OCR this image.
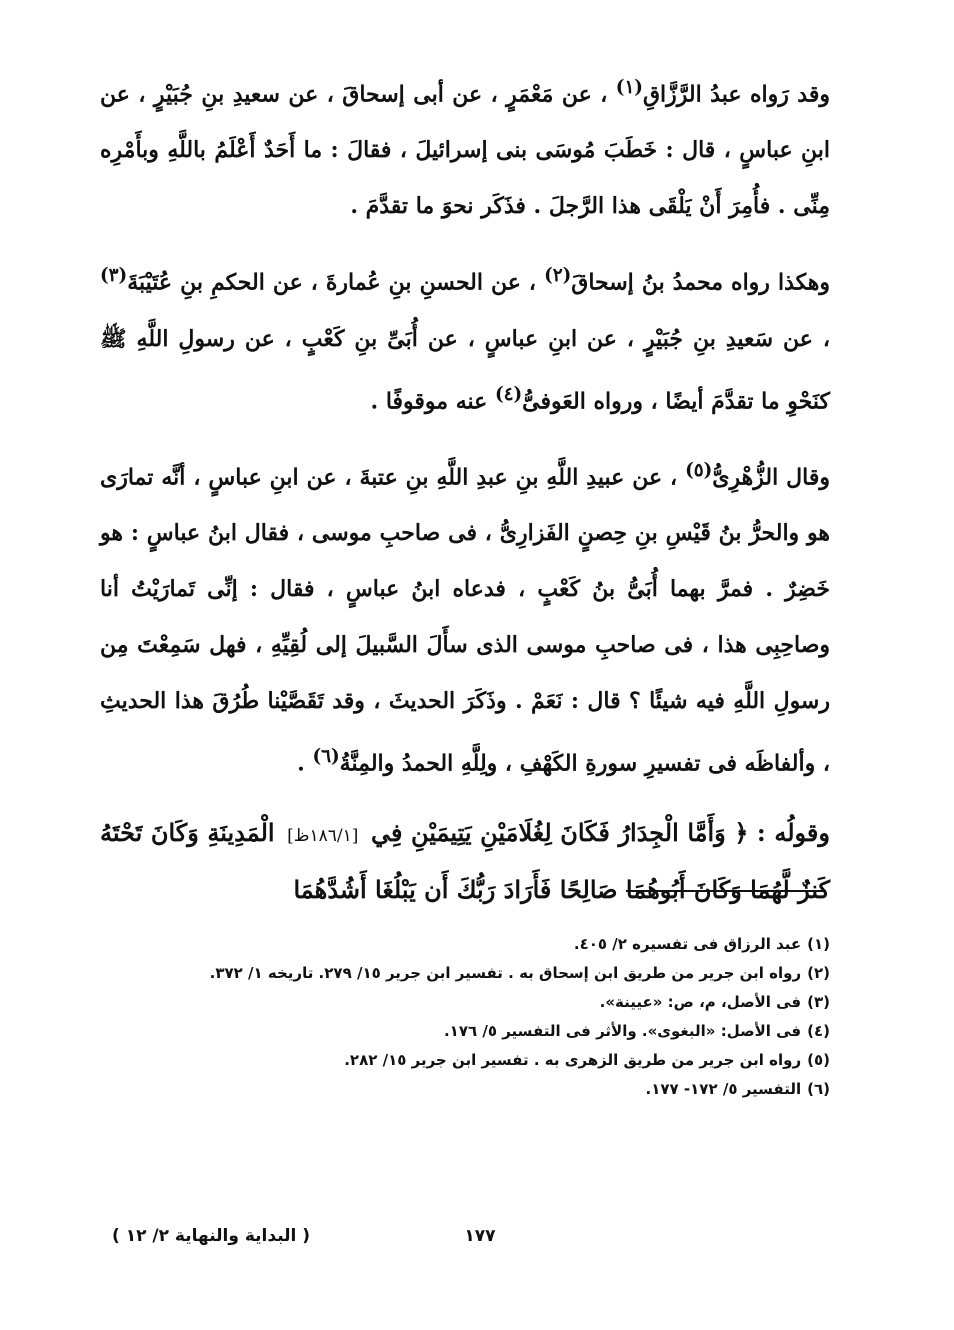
وقد رَواه عبدُ الرَّزَّاقِ$^{(١)}$ ، عن مَعْمَرٍ ، عن أبى إسحاقَ ، عن سعيدِ بنِ جُبَيْرٍ ، عن ابنِ عباسٍ ، قال : خَطَبَ مُوسَى بنى إسرائيلَ ، فقالَ : ما أَحَدٌ أَعْلَمُ باللَّهِ وبأَمْرِه مِنِّى . فأُمِرَ أَنْ يَلْقَى هذا الرَّجلَ . فذَكَر نحوَ ما تقدَّمَ .

وهكذا رواه محمدُ بنُ إسحاقَ$^{(٢)}$ ، عن الحسنِ بنِ عُمارةَ ، عن الحكمِ بنِ عُتَيْبَةَ$^{(٣)}$ ، عن سَعيدِ بنِ جُبَيْرٍ ، عن ابنِ عباسٍ ، عن أُبَىِّ بنِ كَعْبٍ ، عن رسولِ اللَّهِ ﷺ كنَحْوِ ما تقدَّمَ أيضًا ، ورواه العَوفىُّ$^{(٤)}$ عنه موقوفًا .

وقال الزُّهْرِىُّ$^{(٥)}$ ، عن عبيدِ اللَّهِ بنِ عبدِ اللَّهِ بنِ عتبةَ ، عن ابنِ عباسٍ ، أنَّه تمارَى هو والحرُّ بنُ قَيْسِ بنِ حِصنٍ الفَزارِىُّ ، فى صاحبِ موسى ، فقال ابنُ عباسٍ : هو خَضِرٌ . فمرَّ بهما أُبَىُّ بنُ كَعْبٍ ، فدعاه ابنُ عباسٍ ، فقال : إنِّى تَمارَيْتُ أنا وصاحِبِى هذا ، فى صاحبِ موسى الذى سأَلَ السَّبيلَ إلى لُقِيِّهِ ، فهل سَمِعْتَ مِن رسولِ اللَّهِ فيه شيئًا ؟ قال : نَعَمْ . وذَكَرَ الحديثَ ، وقد تَقَصَّيْنا طُرُقَ هذا الحديثِ ، وألفاظَه فى تفسيرِ سورةِ الكَهْفِ ، ولِلَّهِ الحمدُ والمِنَّةُ$^{(٦)}$ .

وقولُه : ﴿ وَأَمَّا الْجِدَارُ فَكَانَ لِغُلَامَيْنِ يَتِيمَيْنِ فِي [١٨٦/١ظ] الْمَدِينَةِ وَكَانَ تَحْتَهُ كَنزٌ لَّهُمَا وَكَانَ أَبُوهُمَا صَالِحًا فَأَرَادَ رَبُّكَ أَن يَبْلُغَا أَشُدَّهُمَا

(١)عبد الرزاق فى تفسيره ٢/ ٤٠٥.
(٢)رواه ابن جرير من طريق ابن إسحاق به . تفسير ابن جرير ١٥/ ٢٧٩. تاريخه ١/ ٣٧٢.
(٣)فى الأصل، م، ص: «عيينة».
(٤)فى الأصل: «البغوى». والأثر فى التفسير ٥/ ١٧٦.
(٥)رواه ابن جرير من طريق الزهرى به . تفسير ابن جرير ١٥/ ٢٨٢.
(٦)التفسير ٥/ ١٧٢- ١٧٧.
( البداية والنهاية ٢/ ١٢ )	١٧٧
